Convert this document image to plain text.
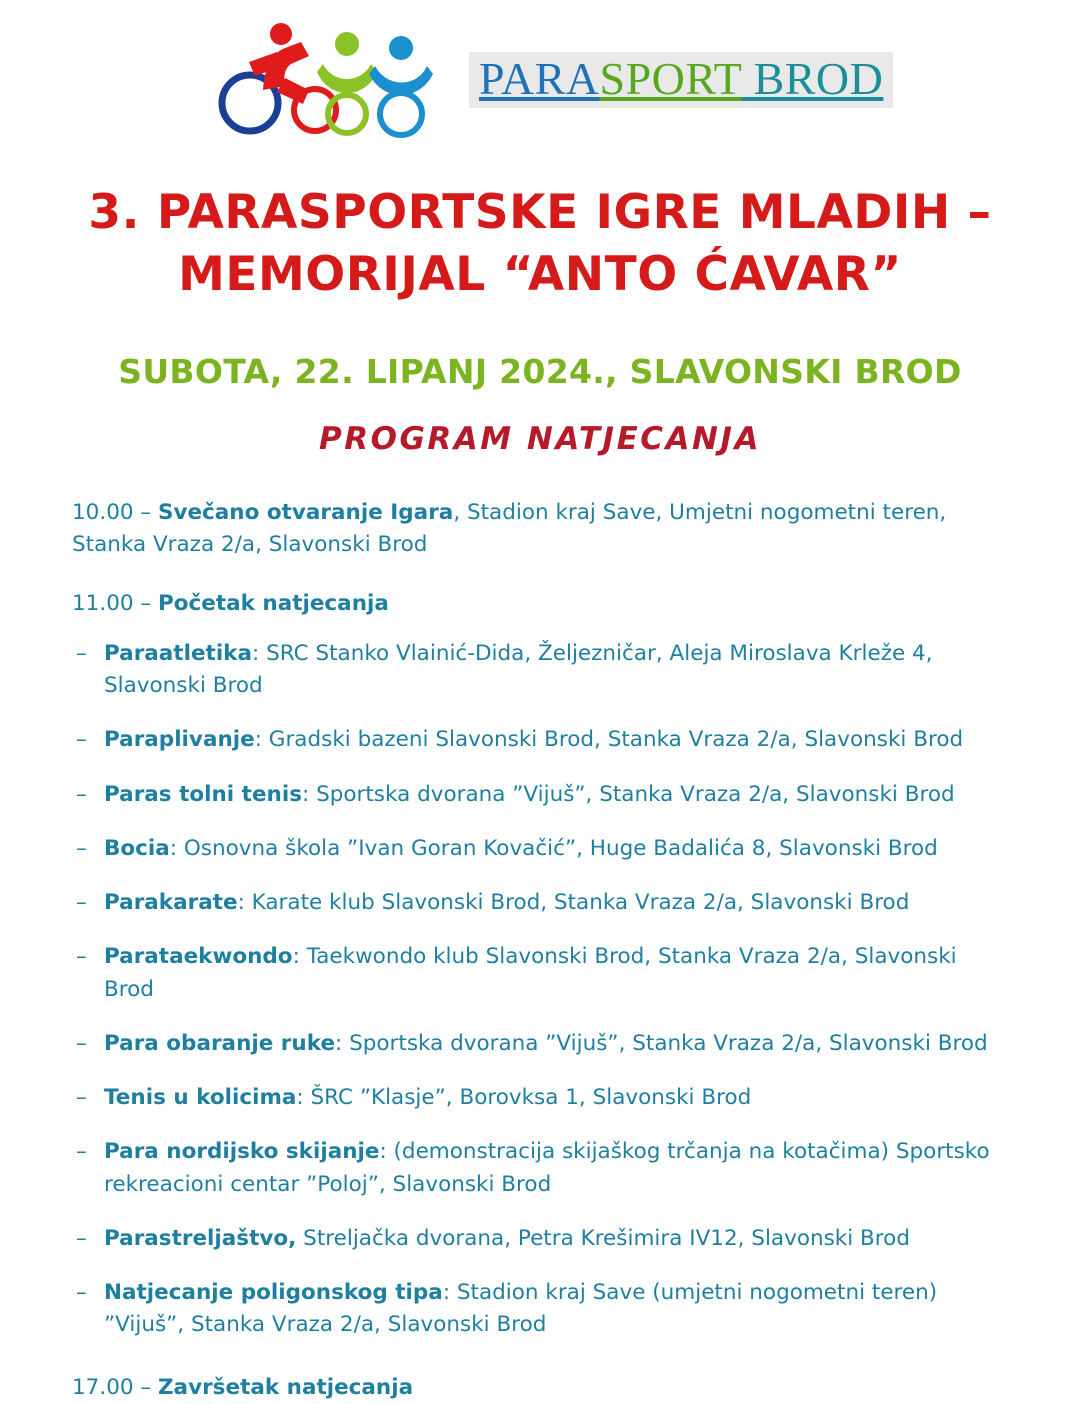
PARASPORT BROD
3. PARASPORTSKE IGRE MLADIH –
MEMORIJAL “ANTO ĆAVAR”
SUBOTA, 22. LIPANJ 2024., SLAVONSKI BROD
PROGRAM NATJECANJA
10.00 – Svečano otvaranje Igara, Stadion kraj Save, Umjetni nogometni teren, Stanka Vraza 2/a, Slavonski Brod
11.00 – Početak natjecanja
– Paraatletika: SRC Stanko Vlainić-Dida, Željezničar, Aleja Miroslava Krleže 4, Slavonski Brod
– Paraplivanje: Gradski bazeni Slavonski Brod, Stanka Vraza 2/a, Slavonski Brod
– Paras tolni tenis: Sportska dvorana ”Vijuš”, Stanka Vraza 2/a, Slavonski Brod
– Bocia: Osnovna škola ”Ivan Goran Kovačić”, Huge Badalića 8, Slavonski Brod
– Parakarate: Karate klub Slavonski Brod, Stanka Vraza 2/a, Slavonski Brod
– Parataekwondo: Taekwondo klub Slavonski Brod, Stanka Vraza 2/a, Slavonski Brod
– Para obaranje ruke: Sportska dvorana ”Vijuš”, Stanka Vraza 2/a, Slavonski Brod
– Tenis u kolicima: ŠRC ”Klasje”, Borovksa 1, Slavonski Brod
– Para nordijsko skijanje: (demonstracija skijaškog trčanja na kotačima) Sportsko rekreacioni centar ”Poloj”, Slavonski Brod
– Parastreljaštvo, Streljačka dvorana, Petra Krešimira IV12, Slavonski Brod
– Natjecanje poligonskog tipa: Stadion kraj Save (umjetni nogometni teren) ”Vijuš”, Stanka Vraza 2/a, Slavonski Brod
17.00 – Završetak natjecanja
